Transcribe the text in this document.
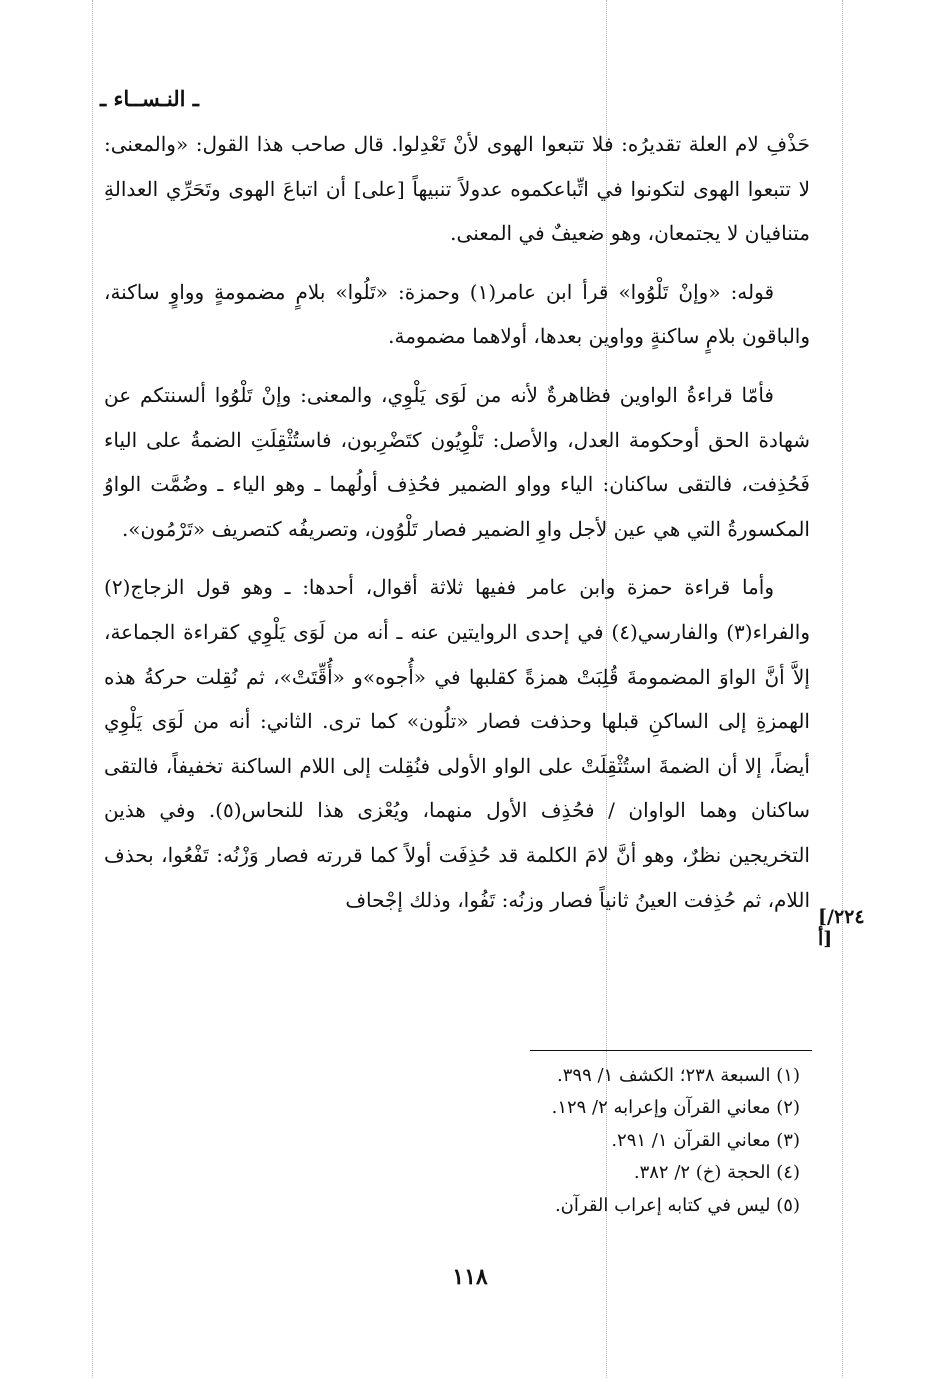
ـ النـســاء ـ

حَذْفِ لام العلة تقديرُه: فلا تتبعوا الهوى لأنْ تَعْدِلوا. قال صاحب هذا القول: «والمعنى: لا تتبعوا الهوى لتكونوا في اتِّباعكموه عدولاً تنبيهاً [على] أن اتباعَ الهوى وتَحَرِّي العدالةِ متنافيان لا يجتمعان، وهو ضعيفٌ في المعنى.

قوله: «وإنْ تَلْوُوا» قرأ ابن عامر(١) وحمزة: «تَلُوا» بلامٍ مضمومةٍ وواوٍ ساكنة، والباقون بلامٍ ساكنةٍ وواوين بعدها، أولاهما مضمومة.

فأمّا قراءةُ الواوين فظاهرةٌ لأنه من لَوَى يَلْوِي، والمعنى: وإنْ تَلْوُوا ألسنتكم عن شهادة الحق أوحكومة العدل، والأصل: تَلْوِيُون كتَضْرِبون، فاستُثْقِلَتِ الضمةُ على الياء فَحُذِفت، فالتقى ساكنان: الياء وواو الضمير فحُذِف أولُهما ـ وهو الياء ـ وضُمَّت الواوُ المكسورةُ التي هي عين لأجل واوِ الضمير فصار تَلْوُون، وتصريفُه كتصريف «تَرْمُون».

وأما قراءة حمزة وابن عامر ففيها ثلاثة أقوال، أحدها: ـ وهو قول الزجاج(٢) والفراء(٣) والفارسي(٤) في إحدى الروايتين عنه ـ أنه من لَوَى يَلْوِي كقراءة الجماعة، إلاَّ أنَّ الواوَ المضمومةَ قُلِبَتْ همزةً كقلبها في «أُجوه»و «أُقِّتَتْ»، ثم نُقِلت حركةُ هذه الهمزةِ إلى الساكنِ قبلها وحذفت فصار «تلُون» كما ترى. الثاني: أنه من لَوَى يَلْوِي أيضاً، إلا أن الضمةَ استُثْقِلَتْ على الواو الأولى فنُقِلت إلى اللام الساكنة تخفيفاً، فالتقى ساكنان وهما الواوان / فحُذِف الأول منهما، ويُعْزى هذا للنحاس(٥). وفي هذين التخريجين نظرٌ، وهو أنَّ لامَ الكلمة قد حُذِفَت أولاً كما قررته فصار وَزْنُه: تَفْعُوا، بحذف اللام، ثم حُذِفت العينُ ثانياً فصار وزنُه: تَفُوا، وذلك إجْحاف

[٢٢٤/أ]
(١) السبعة ٢٣٨؛ الكشف ١/ ٣٩٩.
(٢) معاني القرآن وإعرابه ٢/ ١٢٩.
(٣) معاني القرآن ١/ ٢٩١.
(٤) الحجة (خ) ٢/ ٣٨٢.
(٥) ليس في كتابه إعراب القرآن.
١١٨
